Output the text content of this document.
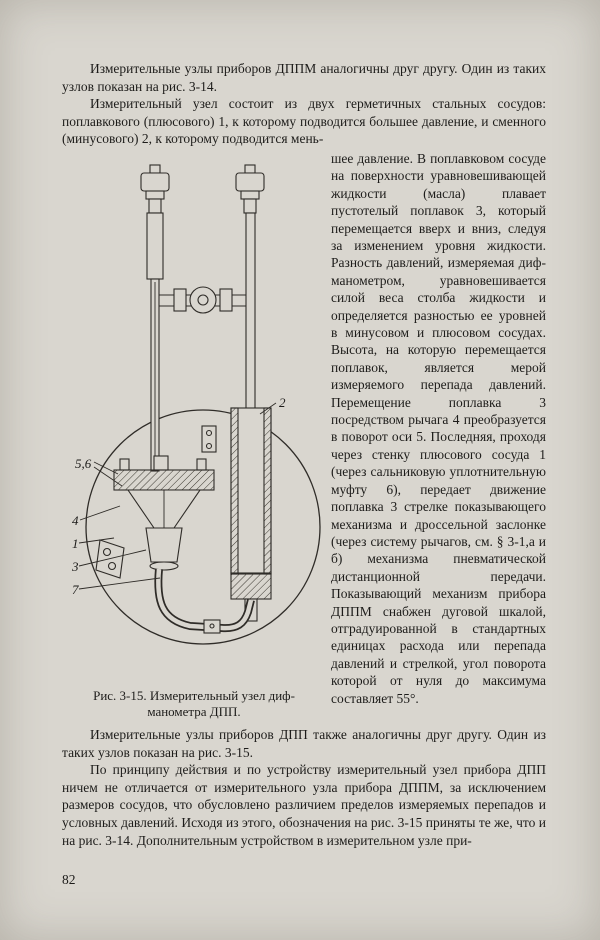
Измерительные узлы приборов ДППМ аналогичны друг другу. Один из таких узлов показан на рис. 3-14.

Измерительный узел состоит из двух герметичных стальных сосудов: поплавкового (плюсового) 1, к которому подводится большее давление, и сменного (минусового) 2, к которому подводится мень-

5,6
4
1
3
7
2
Рис. 3-15. Измерительный узел диф-
манометра ДПП.
шее давление. В поплавковом сосуде на поверхности уравновешивающей жидкости (масла) плавает пустотелый поплавок 3, который перемещается вверх и вниз, следуя за изменением уровня жидкости. Разность давлений, измеряемая диф-манометром, уравновешивается силой веса столба жидкости и определяется разностью ее уровней в минусовом и плюсовом сосудах. Высота, на которую перемещается поплавок, является мерой измеряемого перепада давлений. Перемещение поплавка 3 посредством рычага 4 преобразуется в поворот оси 5. Последняя, проходя через стенку плюсового сосуда 1 (через сальниковую уплотнительную муфту 6), передает движение поплавка 3 стрелке показывающего механизма и дроссельной заслонке (через систему рычагов, см. § 3-1,а и б) механизма пневматической дистанционной передачи. Показывающий механизм прибора ДППМ снабжен дуговой шкалой, отградуированной в стандартных единицах расхода или перепада давлений и стрелкой, угол поворота которой от нуля до максимума составляет 55°.

Измерительные узлы приборов ДПП также аналогичны друг другу. Один из таких узлов показан на рис. 3-15.

По принципу действия и по устройству измерительный узел прибора ДПП ничем не отличается от измерительного узла прибора ДППМ, за исключением размеров сосудов, что обусловлено различием пределов измеряемых перепадов и условных давлений. Исходя из этого, обозначения на рис. 3-15 приняты те же, что и на рис. 3-14. Дополнительным устройством в измерительном узле при-

82
